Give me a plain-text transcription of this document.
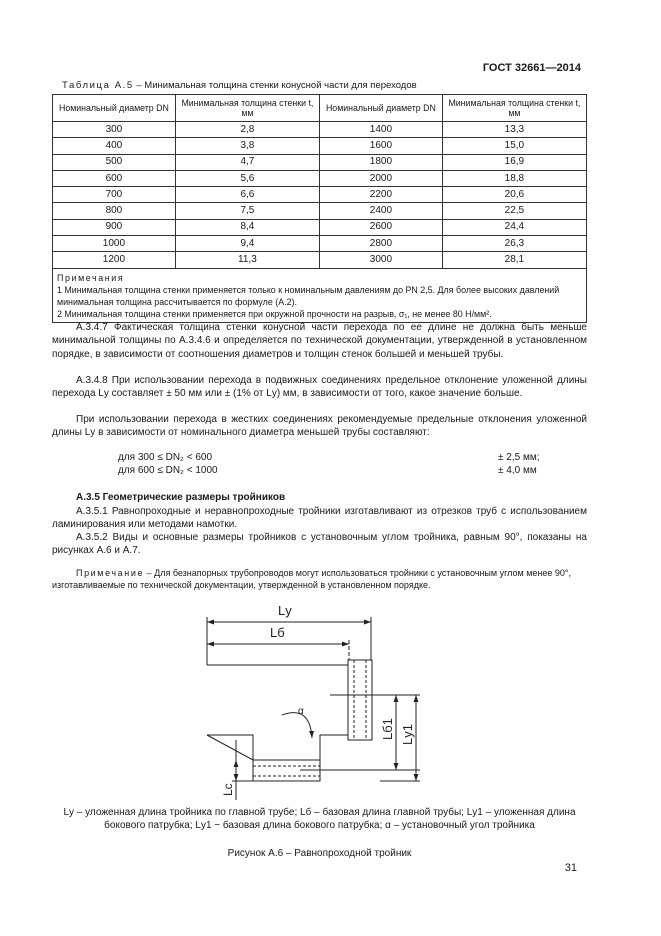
ГОСТ 32661—2014
Таблица А.5 – Минимальная толщина стенки конусной части для переходов
Номинальный диаметр DN	Минимальная толщина стенки t, мм	Номинальный диаметр DN	Минимальная толщина стенки t, мм
300	2,8	1400	13,3
400	3,8	1600	15,0
500	4,7	1800	16,9
600	5,6	2000	18,8
700	6,6	2200	20,6
800	7,5	2400	22,5
900	8,4	2600	24,4
1000	9,4	2800	26,3
1200	11,3	3000	28,1

Примечания
1 Минимальная толщина стенки применяется только к номинальным давлениям до PN 2,5. Для более высоких давлений минимальная толщина рассчитывается по формуле (А.2).
2 Минимальная толщина стенки применяется при окружной прочности на разрыв, σ₁, не менее 80 Н/мм².			
А.3.4.7 Фактическая толщина стенки конусной части перехода по ее длине не должна быть меньше минимальной толщины по А.3.4.6 и определяется по технической документации, утвержденной в установленном порядке, в зависимости от соотношения диаметров и толщин стенок большей и меньшей трубы.
А.3.4.8 При использовании перехода в подвижных соединениях предельное отклонение уложенной длины перехода Lу составляет ± 50 мм или ± (1% от Lу) мм, в зависимости от того, какое значение больше.
При использовании перехода в жестких соединениях рекомендуемые предельные отклонения уложенной длины Lу в зависимости от номинального диаметра меньшей трубы составляют:
для 300 ≤ DN₂ < 600	± 2,5 мм;
для 600 ≤ DN₂ < 1000	± 4,0 мм
А.3.5 Геометрические размеры тройников
А.3.5.1 Равнопроходные и неравнопроходные тройники изготавливают из отрезков труб с использованием ламинирования или методами намотки.
А.3.5.2 Виды и основные размеры тройников с установочным углом тройника, равным 90°, показаны на рисунках А.6 и А.7.
Примечание – Для безнапорных трубопроводов могут использоваться тройники с установочным углом менее 90°, изготавливаемые по технической документации, утвержденной в установленном порядке.
Lу
Lб
α
Lб1 Lу1
Lс
Lу – уложенная длина тройника по главной трубе; Lб – базовая длина главной трубы; Lу1 – уложенная длина бокового патрубка; Lу1 − базовая длина бокового патрубка; α – установочный угол тройника
Рисунок А.6 – Равнопроходной тройник
31
